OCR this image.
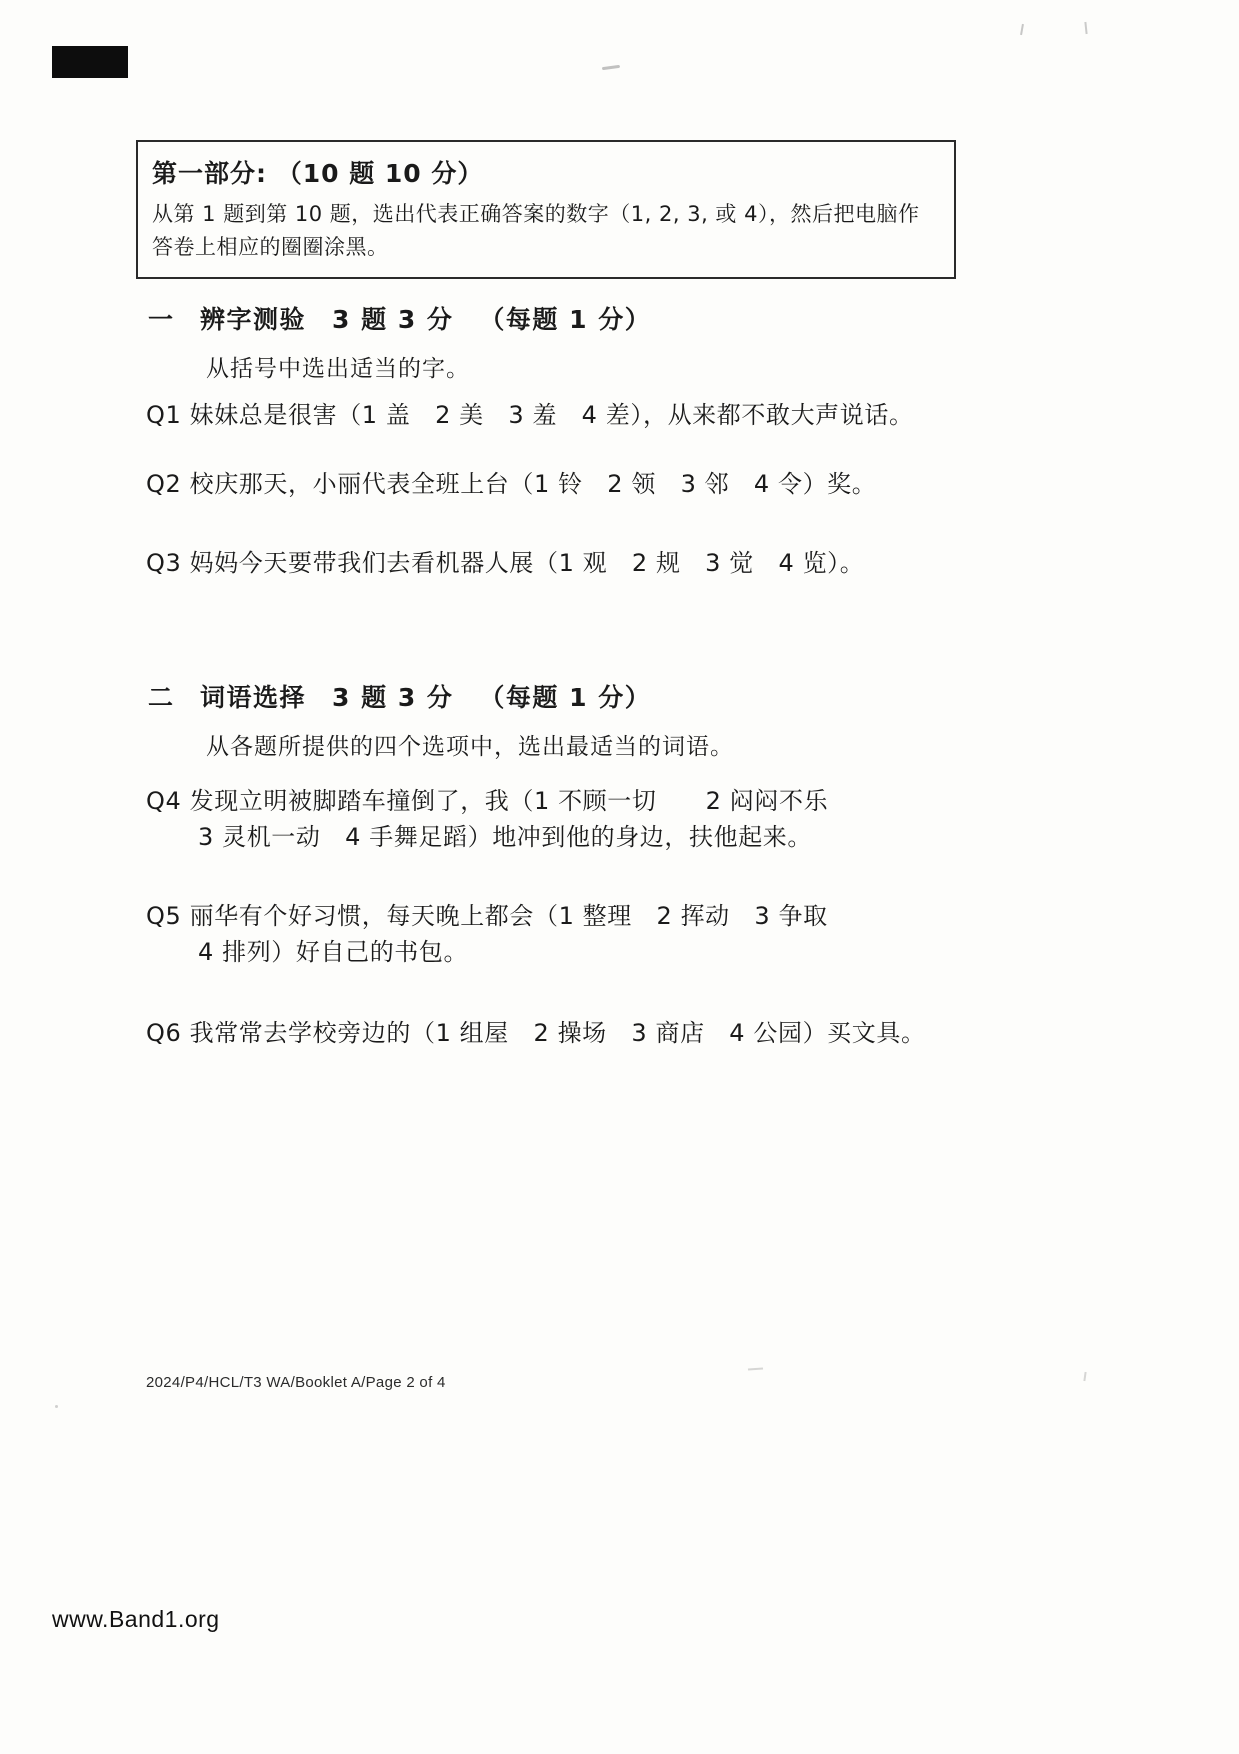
第一部分: （10 题 10 分）
从第 1 题到第 10 题，选出代表正确答案的数字（1, 2, 3, 或 4），然后把电脑作答卷上相应的圈圈涂黑。
一 辨字测验 3 题 3 分 （每题 1 分）
从括号中选出适当的字。
Q1 妹妹总是很害（1 盖　2 美　3 羞　4 差），从来都不敢大声说话。
Q2 校庆那天，小丽代表全班上台（1 铃　2 领　3 邻　4 令）奖。
Q3 妈妈今天要带我们去看机器人展（1 观　2 规　3 觉　4 览）。
二 词语选择 3 题 3 分 （每题 1 分）
从各题所提供的四个选项中，选出最适当的词语。
Q4 发现立明被脚踏车撞倒了，我（1 不顾一切　　2 闷闷不乐
3 灵机一动　4 手舞足蹈）地冲到他的身边，扶他起来。
Q5 丽华有个好习惯，每天晚上都会（1 整理　2 挥动　3 争取
4 排列）好自己的书包。
Q6 我常常去学校旁边的（1 组屋　2 操场　3 商店　4 公园）买文具。
2024/P4/HCL/T3 WA/Booklet A/Page 2 of 4
www.Band1.org
